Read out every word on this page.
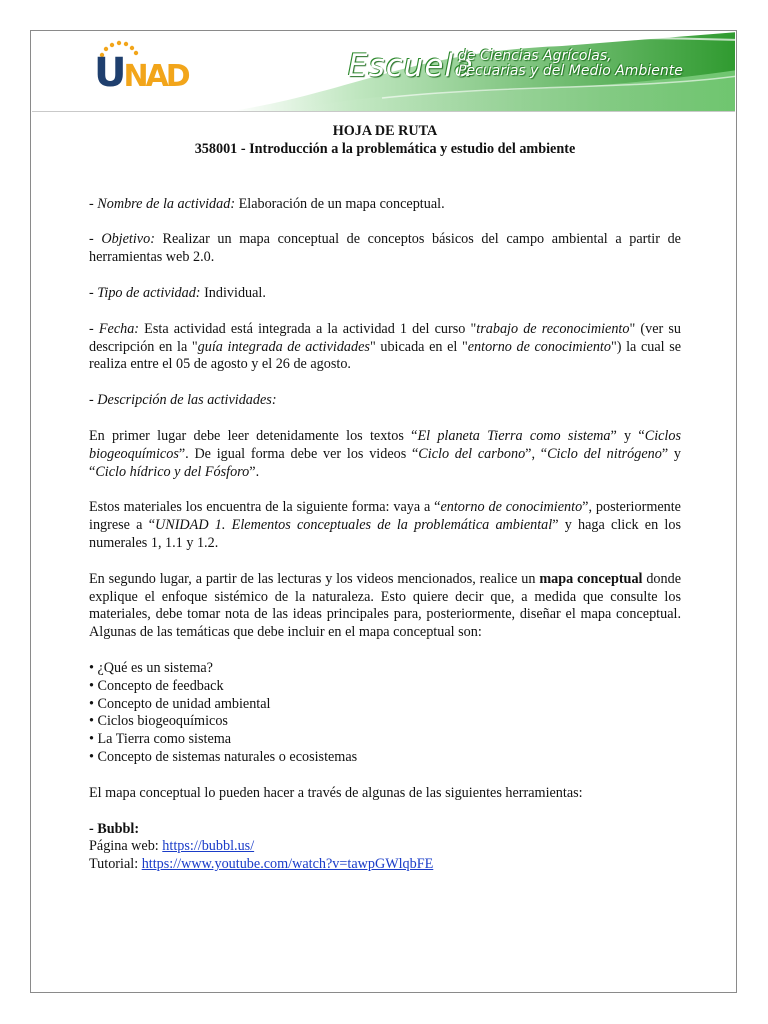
UNAD	Escuela
de Ciencias Agrícolas,
Pecuarias y del Medio Ambiente
HOJA DE RUTA
358001 - Introducción a la problemática y estudio del ambiente

- Nombre de la actividad: Elaboración de un mapa conceptual.

- Objetivo: Realizar un mapa conceptual de conceptos básicos del campo ambiental a partir de herramientas web 2.0.

- Tipo de actividad: Individual.

- Fecha: Esta actividad está integrada a la actividad 1 del curso "trabajo de reconocimiento" (ver su descripción en la "guía integrada de actividades" ubicada en el "entorno de conocimiento") la cual se realiza entre el 05 de agosto y el 26 de agosto.

- Descripción de las actividades:

En primer lugar debe leer detenidamente los textos “El planeta Tierra como sistema” y “Ciclos biogeoquímicos”. De igual forma debe ver los videos “Ciclo del carbono”, “Ciclo del nitrógeno” y “Ciclo hídrico y del Fósforo”.

Estos materiales los encuentra de la siguiente forma: vaya a “entorno de conocimiento”, posteriormente ingrese a “UNIDAD 1. Elementos conceptuales de la problemática ambiental” y haga click en los numerales 1, 1.1 y 1.2.

En segundo lugar, a partir de las lecturas y los videos mencionados, realice un mapa conceptual donde explique el enfoque sistémico de la naturaleza. Esto quiere decir que, a medida que consulte los materiales, debe tomar nota de las ideas principales para, posteriormente, diseñar el mapa conceptual. Algunas de las temáticas que debe incluir en el mapa conceptual son:

• ¿Qué es un sistema?
• Concepto de feedback
• Concepto de unidad ambiental
• Ciclos biogeoquímicos
• La Tierra como sistema
• Concepto de sistemas naturales o ecosistemas

El mapa conceptual lo pueden hacer a través de algunas de las siguientes herramientas:

- Bubbl:

Página web: https://bubbl.us/

Tutorial: https://www.youtube.com/watch?v=tawpGWlqbFE
